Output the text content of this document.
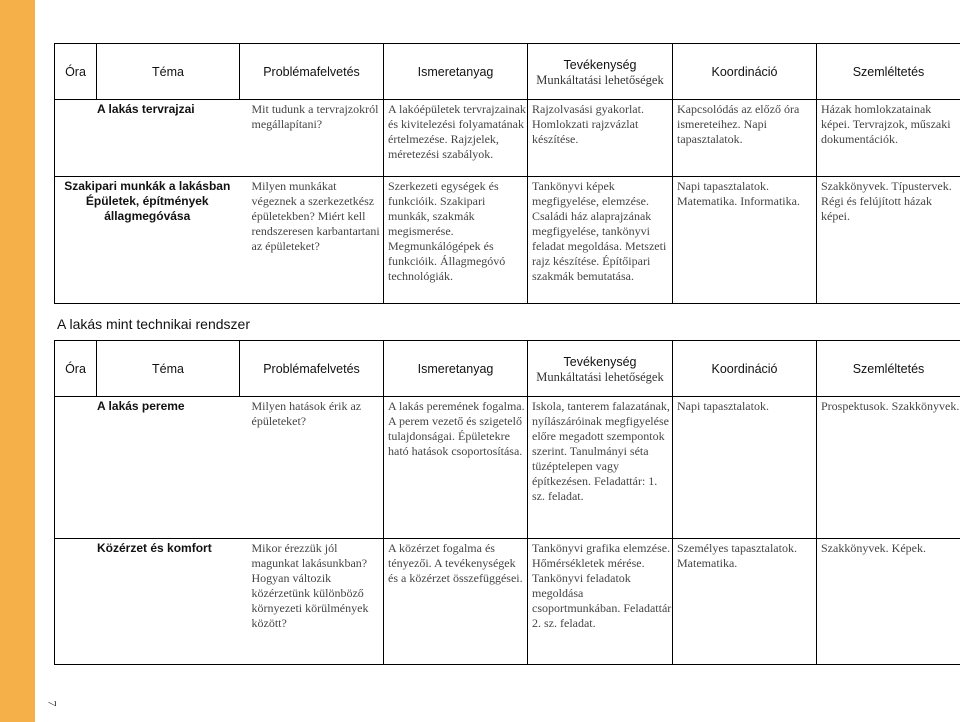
7
Óra	Téma	Problémafelvetés	Ismeretanyag	Tevékenység
Munkáltatási lehetőségek	Koordináció	Szemléltetés
A lakás tervrajzai		Mit tudunk a tervrajzokról megállapítani?	A lakóépületek tervrajzainak és kivitelezési folyamatának értelmezése. Rajzjelek, méretezési szabályok.	Rajzolvasási gyakorlat. Homlokzati rajzvázlat készítése.	Kapcsolódás az előző óra ismereteihez. Napi tapasztalatok.	Házak homlokzatainak képei. Tervrajzok, műszaki dokumentációk.
Szakipari munkák a lakásban Épületek, építmények állagmegóvása		Milyen munkákat végeznek a szerkezetkész épületekben? Miért kell rendszeresen karbantartani az épületeket?	Szerkezeti egységek és funkcióik. Szakipari munkák, szakmák megismerése. Megmunkálógépek és funkcióik. Állagmegóvó technológiák.	Tankönyvi képek megfigyelése, elemzése. Családi ház alaprajzának megfigyelése, tankönyvi feladat megoldása. Metszeti rajz készítése. Építőipari szakmák bemutatása.	Napi tapasztalatok. Matematika. Informatika.	Szakkönyvek. Típustervek. Régi és felújított házak képei.
A lakás mint technikai rendszer
Óra	Téma	Problémafelvetés	Ismeretanyag	Tevékenység
Munkáltatási lehetőségek	Koordináció	Szemléltetés
A lakás pereme		Milyen hatások érik az épületeket?	A lakás peremének fogalma. A perem vezető és szigetelő tulajdonságai. Épületekre ható hatások csoportosítása.	Iskola, tanterem falazatának, nyílászáróinak megfigyelése előre megadott szempontok szerint. Tanulmányi séta tüzéptelepen vagy építkezésen. Feladattár: 1. sz. feladat.	Napi tapasztalatok.	Prospektusok. Szakkönyvek.
Közérzet és komfort		Mikor érezzük jól magunkat lakásunkban? Hogyan változik közérzetünk különböző környezeti körülmények között?	A közérzet fogalma és tényezői. A tevékenységek és a közérzet összefüggései.	Tankönyvi grafika elemzése. Hőmérsékletek mérése. Tankönyvi feladatok megoldása csoportmunkában. Feladattár 2. sz. feladat.	Személyes tapasztalatok. Matematika.	Szakkönyvek. Képek.
